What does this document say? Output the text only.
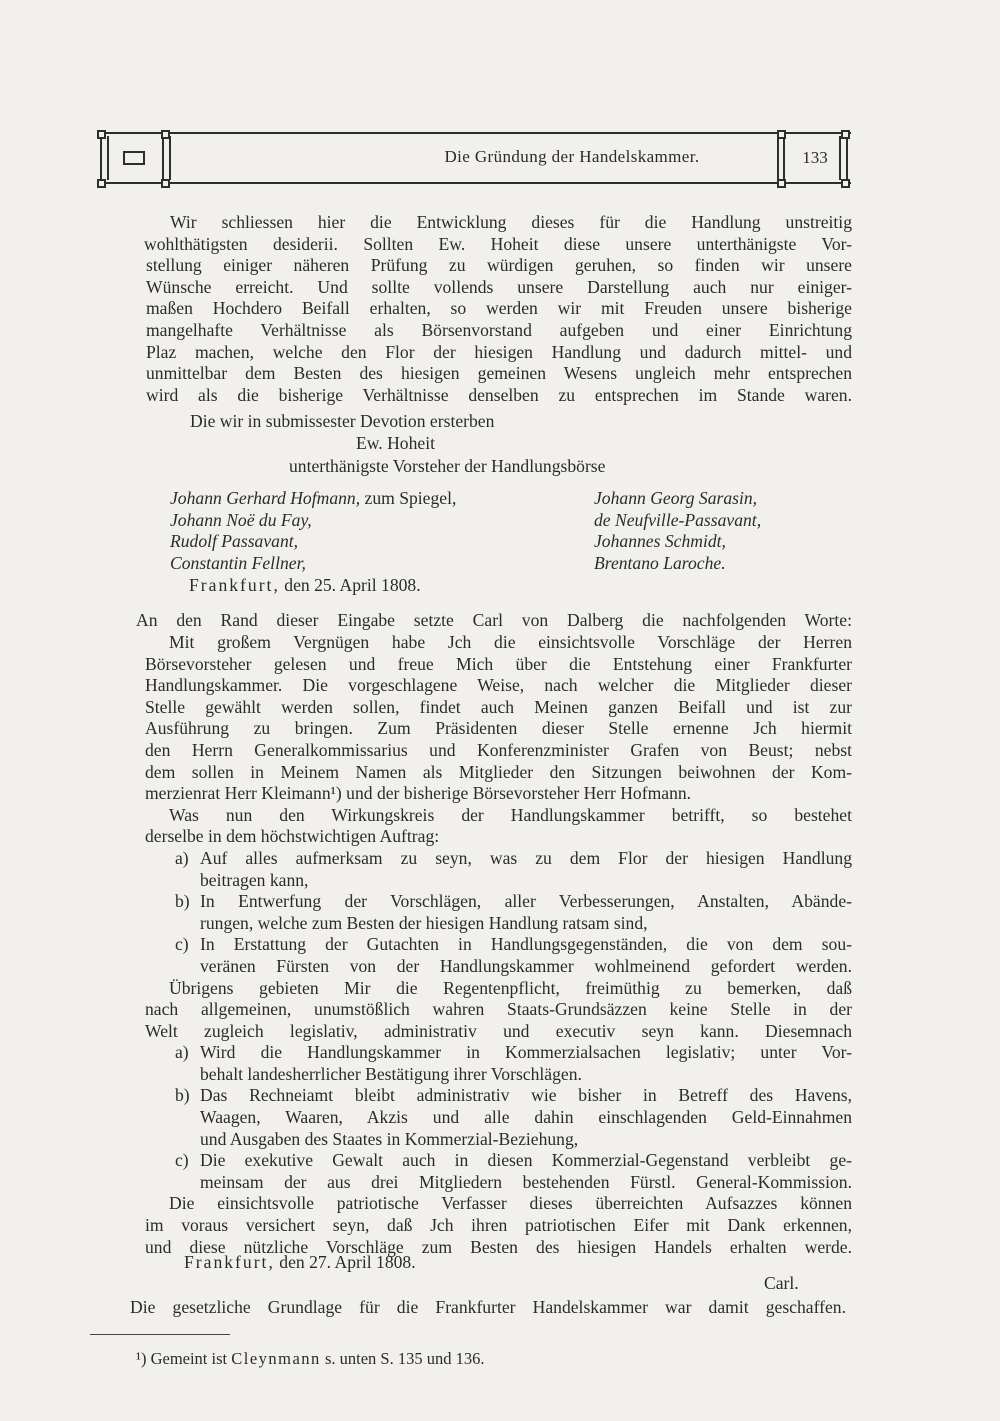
Die Gründung der Handelskammer.	133

Wir schliessen hier die Entwicklung dieses für die Handlung unstreitig
wohlthätigsten desiderii. Sollten Ew. Hoheit diese unsere unterthänigste Vor-
stellung einiger näheren Prüfung zu würdigen geruhen, so finden wir unsere
Wünsche erreicht. Und sollte vollends unsere Darstellung auch nur einiger-
maßen Hochdero Beifall erhalten, so werden wir mit Freuden unsere bisherige
mangelhafte Verhältnisse als Börsenvorstand aufgeben und einer Einrichtung
Plaz machen, welche den Flor der hiesigen Handlung und dadurch mittel- und
unmittelbar dem Besten des hiesigen gemeinen Wesens ungleich mehr entsprechen
wird als die bisherige Verhältnisse denselben zu entsprechen im Stande waren.

Die wir in submissester Devotion ersterben
Ew. Hoheit
unterthänigste Vorsteher der Handlungsbörse
Johann Gerhard Hofmann, zum Spiegel,	Johann Georg Sarasin,
Johann Noë du Fay,	de Neufville-Passavant,
Rudolf Passavant,	Johannes Schmidt,
Constantin Fellner,	Brentano Laroche.
Frankfurt, den 25. April 1808.
An den Rand dieser Eingabe setzte Carl von Dalberg die nachfolgenden Worte:

Mit großem Vergnügen habe Jch die einsichtsvolle Vorschläge der Herren
Börsevorsteher gelesen und freue Mich über die Entstehung einer Frankfurter
Handlungskammer. Die vorgeschlagene Weise, nach welcher die Mitglieder dieser
Stelle gewählt werden sollen, findet auch Meinen ganzen Beifall und ist zur
Ausführung zu bringen. Zum Präsidenten dieser Stelle ernenne Jch hiermit
den Herrn Generalkommissarius und Konferenzminister Grafen von Beust; nebst
dem sollen in Meinem Namen als Mitglieder den Sitzungen beiwohnen der Kom-
merzienrat Herr Kleimann¹) und der bisherige Börsevorsteher Herr Hofmann.

Was nun den Wirkungskreis der Handlungskammer betrifft, so bestehet
derselbe in dem höchstwichtigen Auftrag:

a) Auf alles aufmerksam zu seyn, was zu dem Flor der hiesigen Handlung
beitragen kann,
b) In Entwerfung der Vorschlägen, aller Verbesserungen, Anstalten, Abände-
rungen, welche zum Besten der hiesigen Handlung ratsam sind,
c) In Erstattung der Gutachten in Handlungsgegenständen, die von dem sou-
veränen Fürsten von der Handlungskammer wohlmeinend gefordert werden.

Übrigens gebieten Mir die Regentenpflicht, freimüthig zu bemerken, daß
nach allgemeinen, unumstößlich wahren Staats-Grundsäzzen keine Stelle in der
Welt zugleich legislativ, administrativ und executiv seyn kann. Diesemnach

a) Wird die Handlungskammer in Kommerzialsachen legislativ; unter Vor-
behalt landesherrlicher Bestätigung ihrer Vorschlägen.
b) Das Rechneiamt bleibt administrativ wie bisher in Betreff des Havens,
Waagen, Waaren, Akzis und alle dahin einschlagenden Geld-Einnahmen
und Ausgaben des Staates in Kommerzial-Beziehung,
c) Die exekutive Gewalt auch in diesen Kommerzial-Gegenstand verbleibt ge-
meinsam der aus drei Mitgliedern bestehenden Fürstl. General-Kommission.

Die einsichtsvolle patriotische Verfasser dieses überreichten Aufsazzes können
im voraus versichert seyn, daß Jch ihren patriotischen Eifer mit Dank erkennen,
und diese nützliche Vorschläge zum Besten des hiesigen Handels erhalten werde.

Frankfurt, den 27. April 1808.
Carl.
Die gesetzliche Grundlage für die Frankfurter Handelskammer war damit geschaffen.
¹) Gemeint ist Cleynmann s. unten S. 135 und 136.
